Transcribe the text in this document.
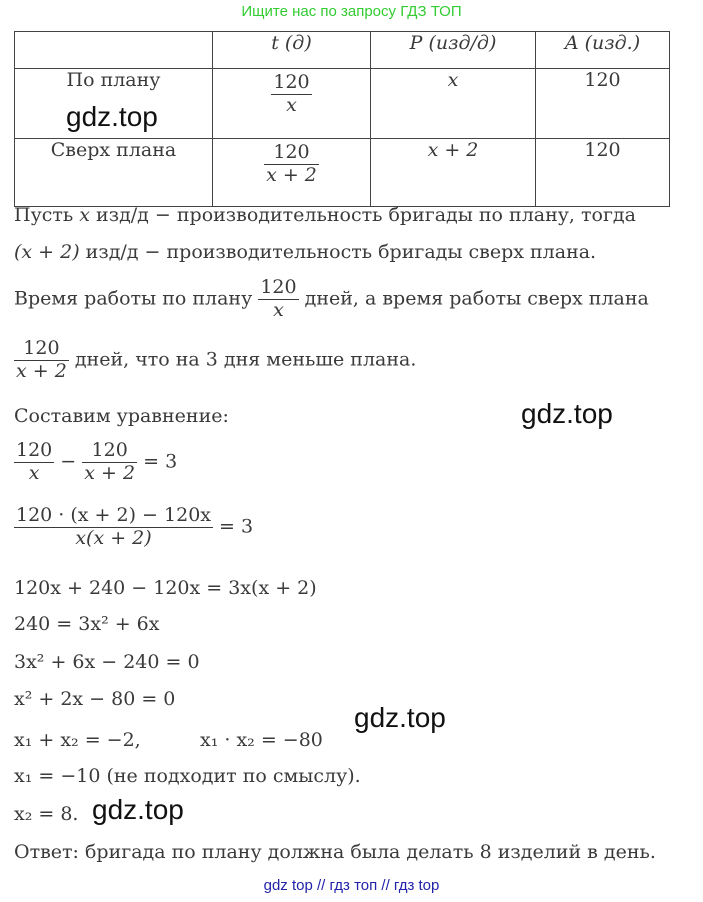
Ищите нас по запросу ГДЗ ТОП
	t (д)	P (изд/д)	A (изд.)
По плану	$\frac{120}{x}$	x	120
Сверх плана	$\frac{120}{x + 2}$	x + 2	120
gdz.top
Пусть x изд/д − производительность бригады по плану, тогда
(x + 2) изд/д − производительность бригады сверх плана.
Время работы по плану $\frac{120}{x}$ дней, а время работы сверх плана
$\frac{120}{x + 2}$ дней, что на 3 дня меньше плана.
Составим уравнение:	gdz.top
$\frac{120}{x} - \frac{120}{x + 2} = 3$
$\frac{120 \cdot (x + 2) - 120x}{x(x + 2)} = 3$
120x + 240 − 120x = 3x(x + 2)
240 = 3x² + 6x
3x² + 6x − 240 = 0
x² + 2x − 80 = 0
gdz.top
x₁ + x₂ = −2,	x₁ · x₂ = −80
x₁ = −10 (не подходит по смыслу).
x₂ = 8. gdz.top
Ответ: бригада по плану должна была делать 8 изделий в день.
gdz top // гдз топ // гдз top
